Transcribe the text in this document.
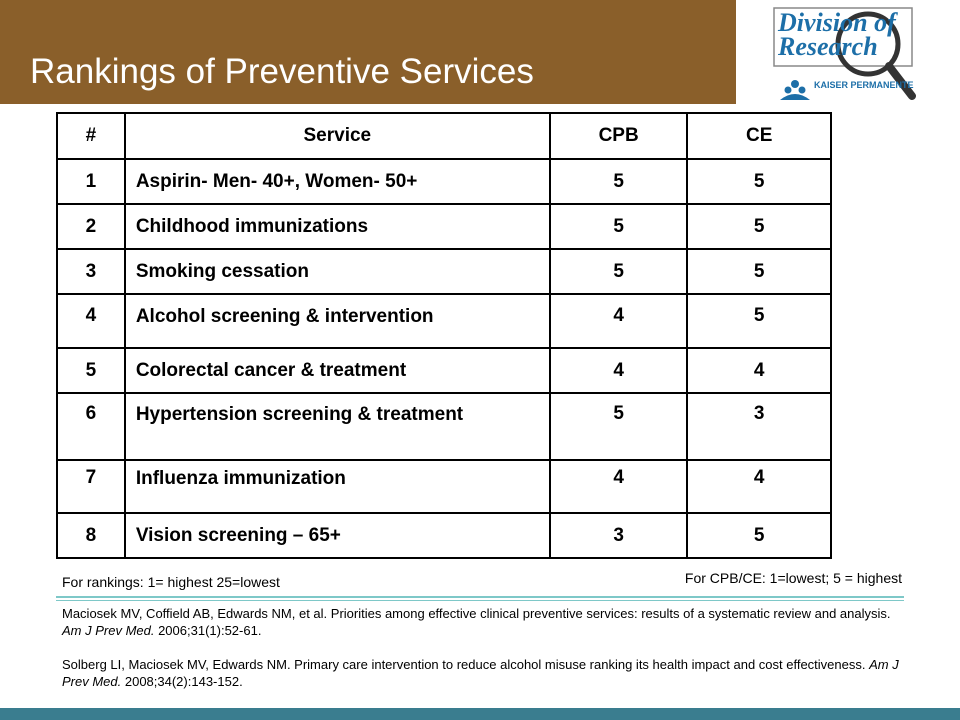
Rankings of Preventive Services
Division of
Research
KAISER PERMANENTE
#	Service	CPB	CE
1	Aspirin- Men- 40+, Women- 50+	5	5
2	Childhood immunizations	5	5
3	Smoking cessation	5	5
4	Alcohol screening & intervention	4	5
5	Colorectal cancer & treatment	4	4
6	Hypertension screening & treatment	5	3
7	Influenza immunization	4	4
8	Vision screening – 65+	3	5
For rankings: 1= highest 25=lowest	For CPB/CE: 1=lowest; 5 = highest

Maciosek MV, Coffield AB, Edwards NM, et al. Priorities among effective clinical preventive services: results of a systematic review and analysis. Am J Prev Med. 2006;31(1):52-61.

Solberg LI, Maciosek MV, Edwards NM. Primary care intervention to reduce alcohol misuse ranking its health impact and cost effectiveness. Am J Prev Med. 2008;34(2):143-152.
